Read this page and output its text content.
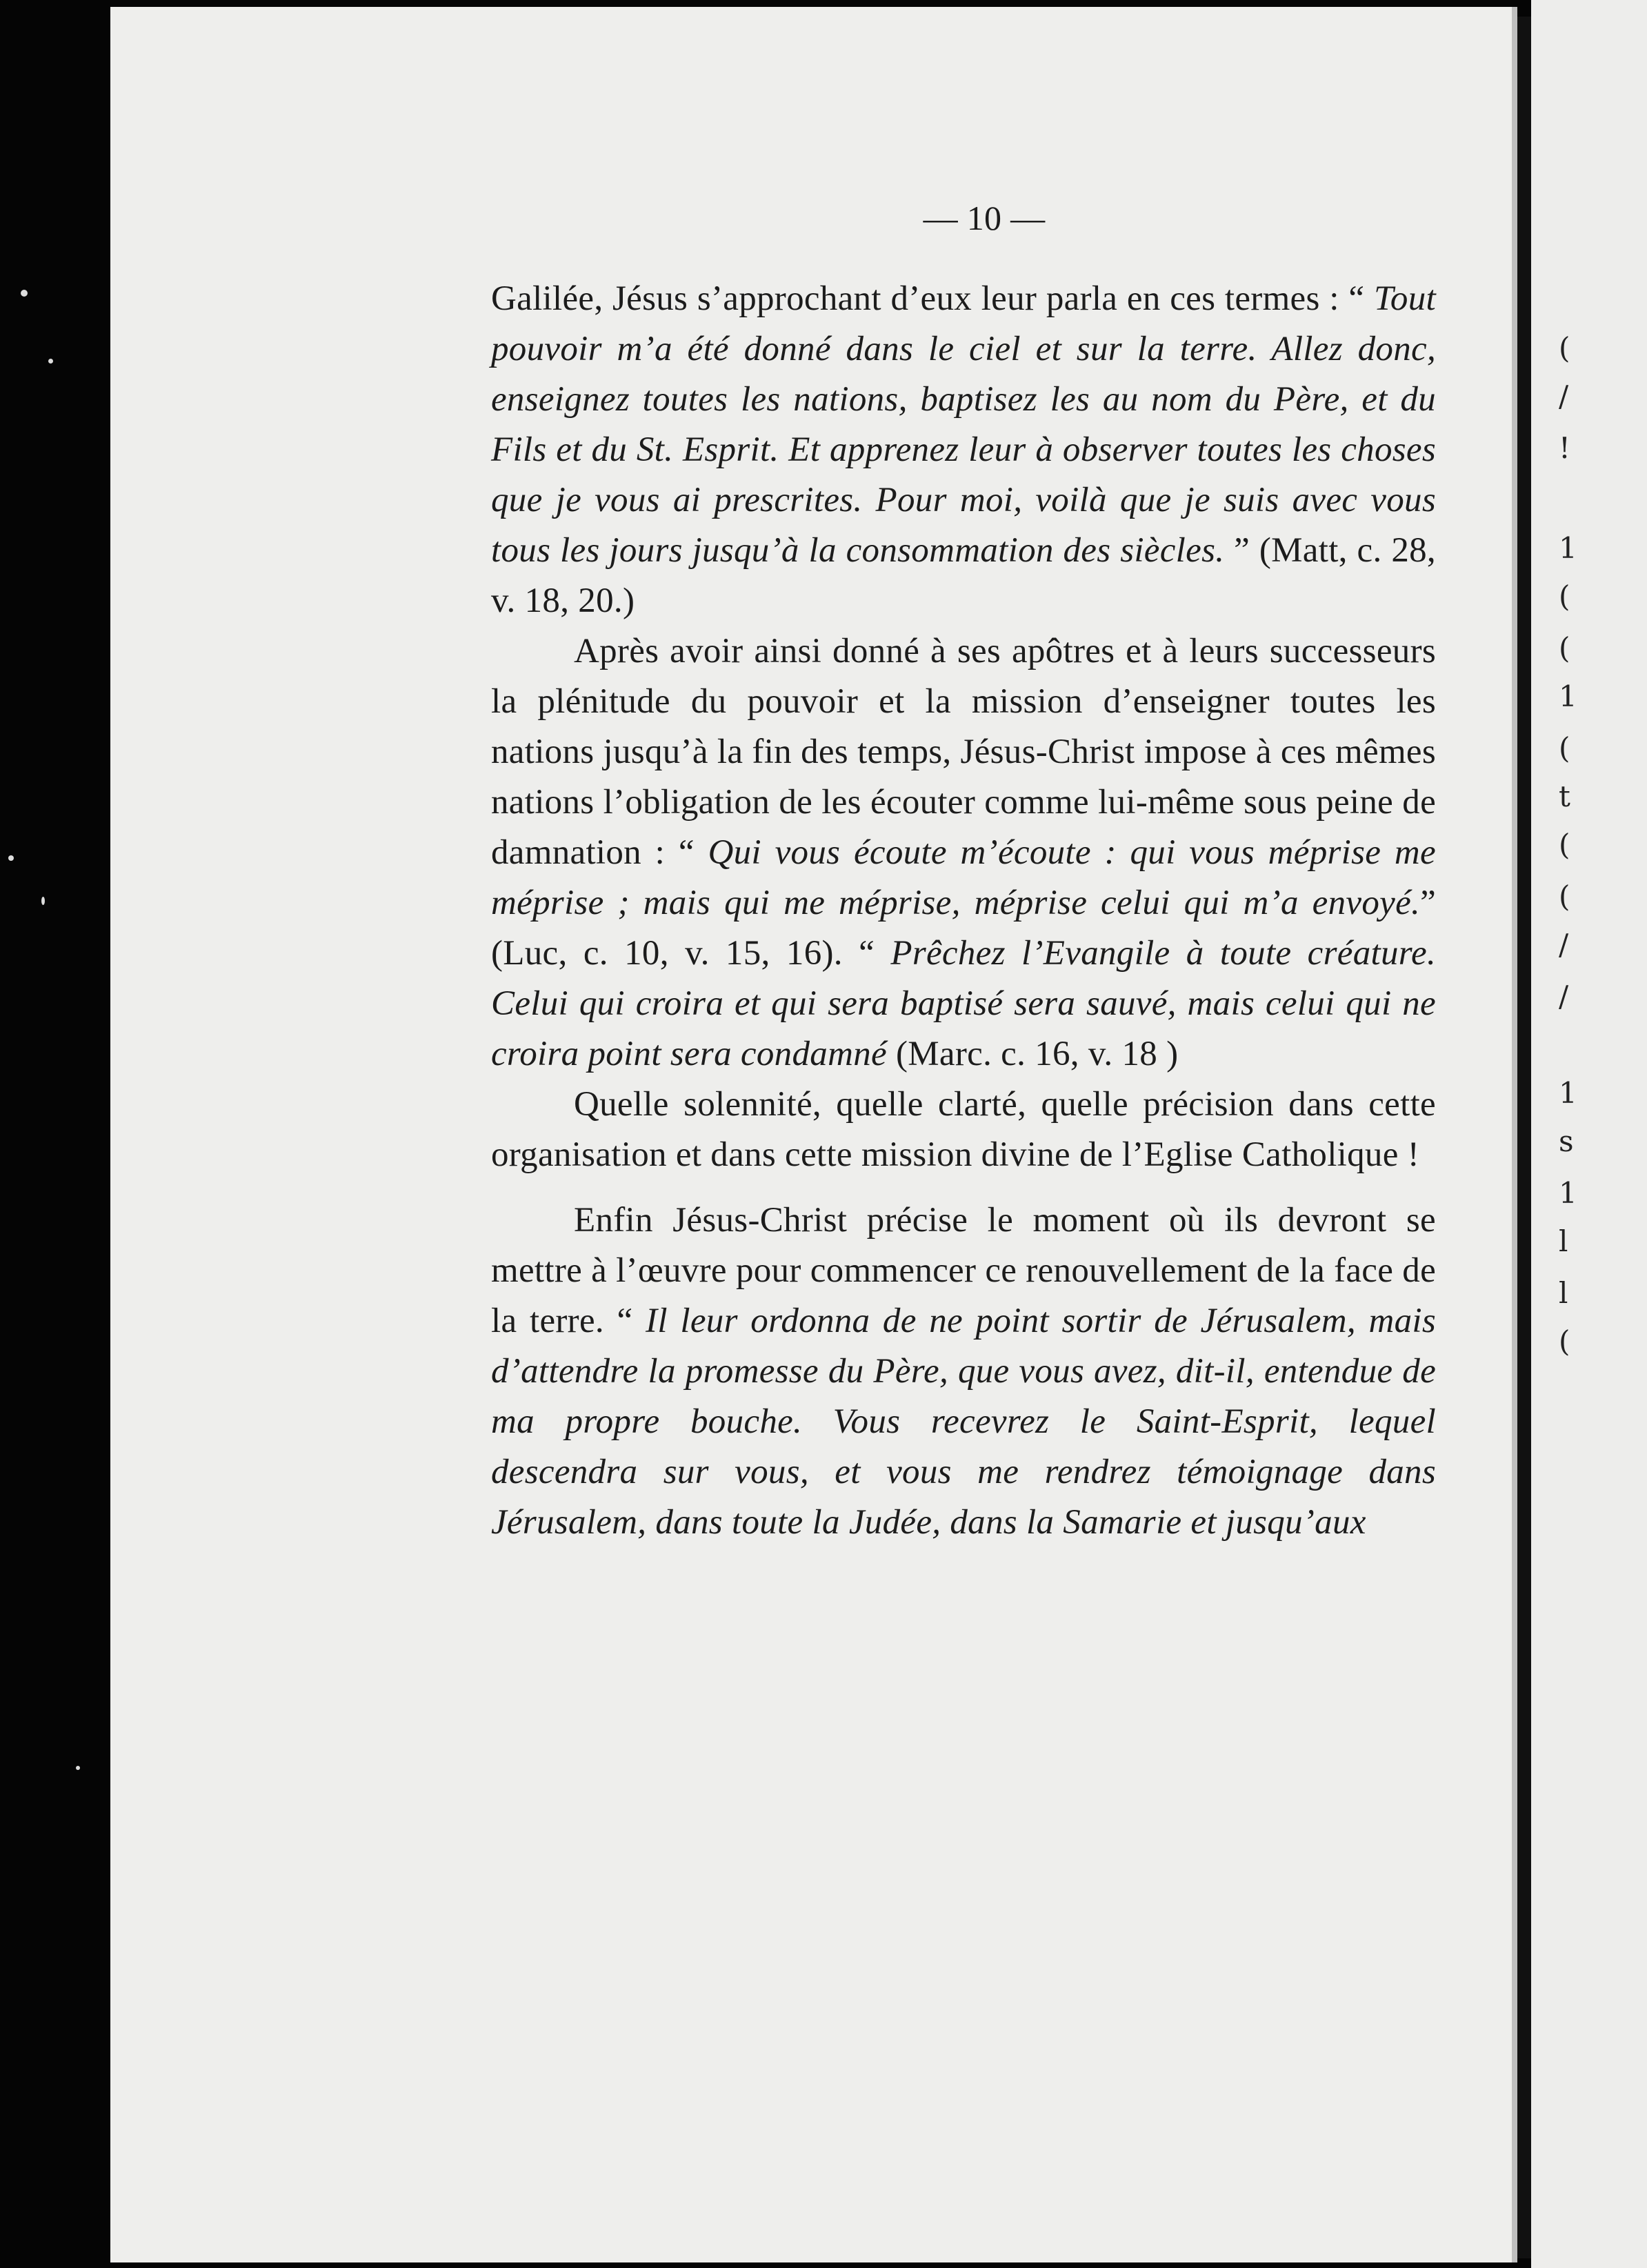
(
/
!
1
(
(
1
(
t
(
(
/
/
1
s
1
l
l
(
— 10 —

Galilée, Jésus s’approchant d’eux leur parla en ces termes : “ Tout pouvoir m’a été donné dans le ciel et sur la terre. Allez donc, enseignez toutes les nations, baptisez les au nom du Père, et du Fils et du St. Esprit. Et apprenez leur à observer toutes les choses que je vous ai prescrites. Pour moi, voilà que je suis avec vous tous les jours jusqu’à la consommation des siècles. ” (Matt, c. 28, v. 18, 20.)

Après avoir ainsi donné à ses apôtres et à leurs successeurs la plénitude du pouvoir et la mission d’enseigner toutes les nations jusqu’à la fin des temps, Jésus-Christ impose à ces mêmes nations l’obligation de les écouter comme lui-même sous peine de damnation : “ Qui vous écoute m’écoute : qui vous méprise me méprise ; mais qui me méprise, méprise celui qui m’a envoyé.” (Luc, c. 10, v. 15, 16). “ Prêchez l’Evangile à toute créature. Celui qui croira et qui sera baptisé sera sauvé, mais celui qui ne croira point sera condamné (Marc. c. 16, v. 18 )

Quelle solennité, quelle clarté, quelle précision dans cette organisation et dans cette mission divine de l’Eglise Catholique !

Enfin Jésus-Christ précise le moment où ils devront se mettre à l’œuvre pour commencer ce renouvellement de la face de la terre. “ Il leur ordonna de ne point sortir de Jérusalem, mais d’attendre la promesse du Père, que vous avez, dit-il, entendue de ma propre bouche. Vous recevrez le Saint-Esprit, lequel descendra sur vous, et vous me rendrez témoignage dans Jérusalem, dans toute la Judée, dans la Samarie et jusqu’aux
